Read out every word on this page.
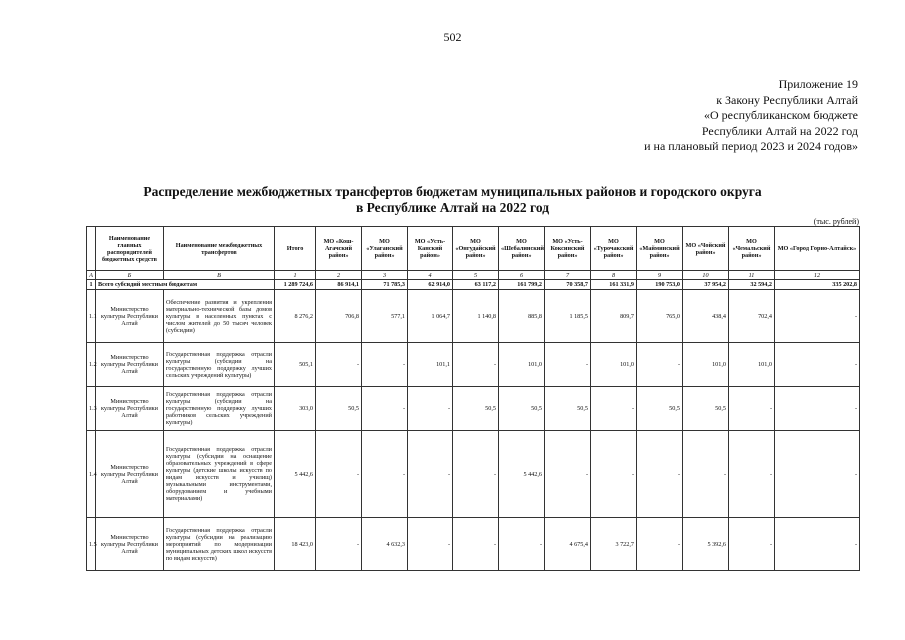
502
Приложение 19
к Закону Республики Алтай
«О республиканском бюджете
Республики Алтай на 2022 год
и на плановый период 2023 и 2024 годов»
Распределение межбюджетных трансфертов бюджетам муниципальных районов и городского округа
в Республике Алтай на 2022 год
(тыс. рублей)
	Наименование главных распорядителей бюджетных средств	Наименование межбюджетных трансфертов	Итого	МО «Кош-Агачский район»	МО «Улаганский район»	МО «Усть-Канский район»	МО «Онгудайский район»	МО «Шебалинский район»	МО «Усть-Коксинский район»	МО «Турочакский район»	МО «Майминский район»	МО «Чойский район»	МО «Чемальский район»	МО «Город Горно-Алтайск»
А	Б	В	1	2	3	4	5	6	7	8	9	10	11	12
1	Всего субсидий местным бюджетам		1 289 724,6	86 914,1	71 785,3	62 914,0	63 117,2	161 799,2	70 358,7	161 331,9	190 753,0	37 954,2	32 594,2	335 202,8
1.1	Министерство культуры Республики Алтай	Обеспечение развития и укрепления материально-технической базы домов культуры в населенных пунктах с числом жителей до 50 тысяч человек (субсидии)	8 276,2	706,8	577,1	1 064,7	1 140,8	885,8	1 185,5	809,7	765,0	438,4	702,4	-
1.2	Министерство культуры Республики Алтай	Государственная поддержка отрасли культуры (субсидии на государственную поддержку лучших сельских учреждений культуры)	505,1	-	-	101,1	-	101,0	-	101,0	-	101,0	101,0	-
1.3	Министерство культуры Республики Алтай	Государственная поддержка отрасли культуры (субсидии на государственную поддержку лучших работников сельских учреждений культуры)	303,0	50,5	-	-	50,5	50,5	50,5	-	50,5	50,5	-	-
1.4	Министерство культуры Республики Алтай	Государственная поддержка отрасли культуры (субсидии на оснащение образовательных учреждений в сфере культуры (детские школы искусств по видам искусств и училищ) музыкальными инструментами, оборудованием и учебными материалами)	5 442,6	-	-	-	-	5 442,6	-	-	-	-	-	-
1.5	Министерство культуры Республики Алтай	Государственная поддержка отрасли культуры (субсидии на реализацию мероприятий по модернизации муниципальных детских школ искусств по видам искусств)	18 423,0	-	4 632,3	-	-	-	4 675,4	3 722,7	-	5 392,6	-	-
